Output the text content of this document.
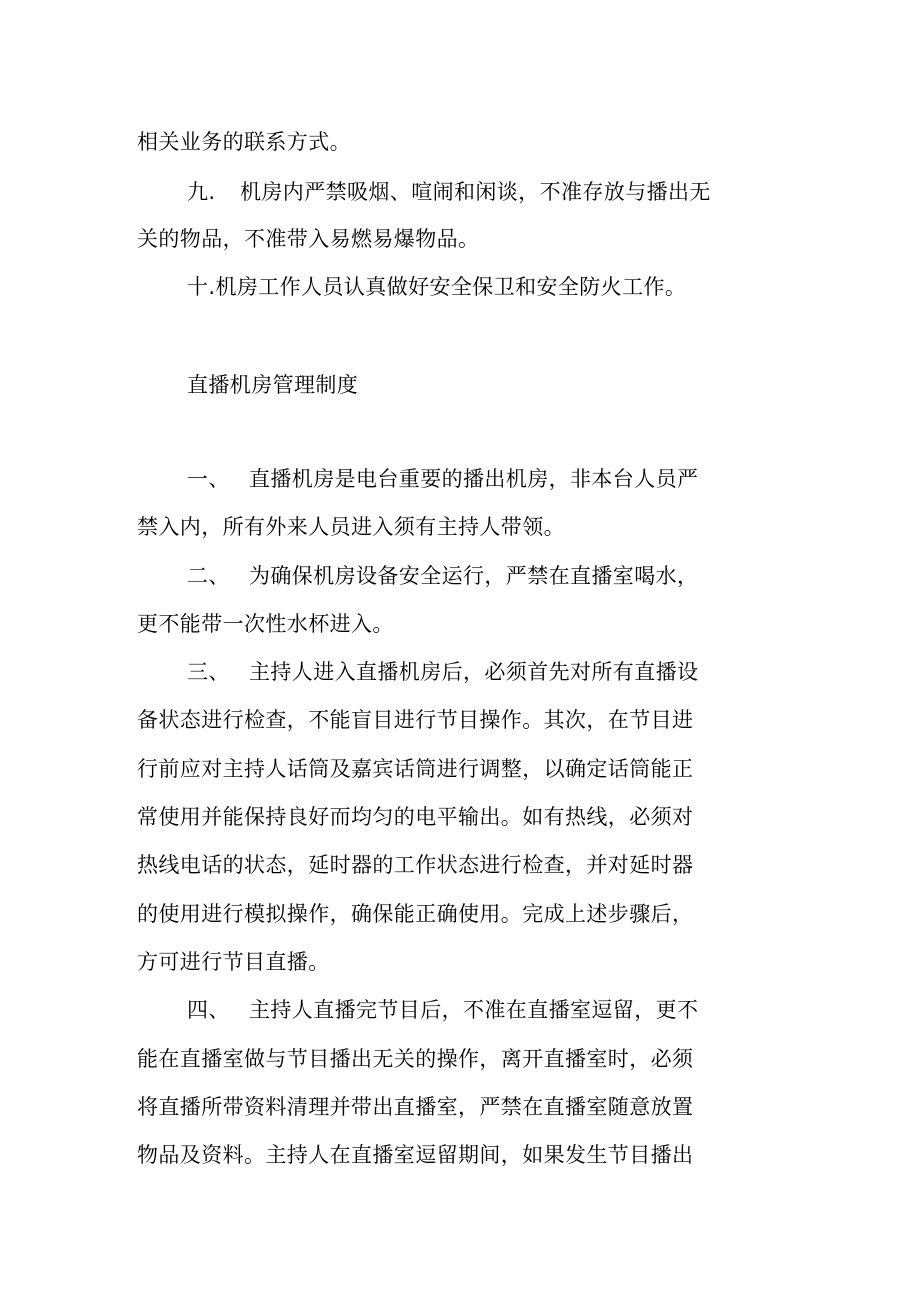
相关业务的联系方式。
九. 机房内严禁吸烟、喧闹和闲谈，不准存放与播出无
关的物品，不准带入易燃易爆物品。
十.机房工作人员认真做好安全保卫和安全防火工作。
直播机房管理制度
一、 直播机房是电台重要的播出机房，非本台人员严
禁入内，所有外来人员进入须有主持人带领。
二、 为确保机房设备安全运行，严禁在直播室喝水，
更不能带一次性水杯进入。
三、 主持人进入直播机房后，必须首先对所有直播设
备状态进行检查，不能盲目进行节目操作。其次，在节目进
行前应对主持人话筒及嘉宾话筒进行调整，以确定话筒能正
常使用并能保持良好而均匀的电平输出。如有热线，必须对
热线电话的状态，延时器的工作状态进行检查，并对延时器
的使用进行模拟操作，确保能正确使用。完成上述步骤后，
方可进行节目直播。
四、 主持人直播完节目后，不准在直播室逗留，更不
能在直播室做与节目播出无关的操作，离开直播室时，必须
将直播所带资料清理并带出直播室，严禁在直播室随意放置
物品及资料。主持人在直播室逗留期间，如果发生节目播出
